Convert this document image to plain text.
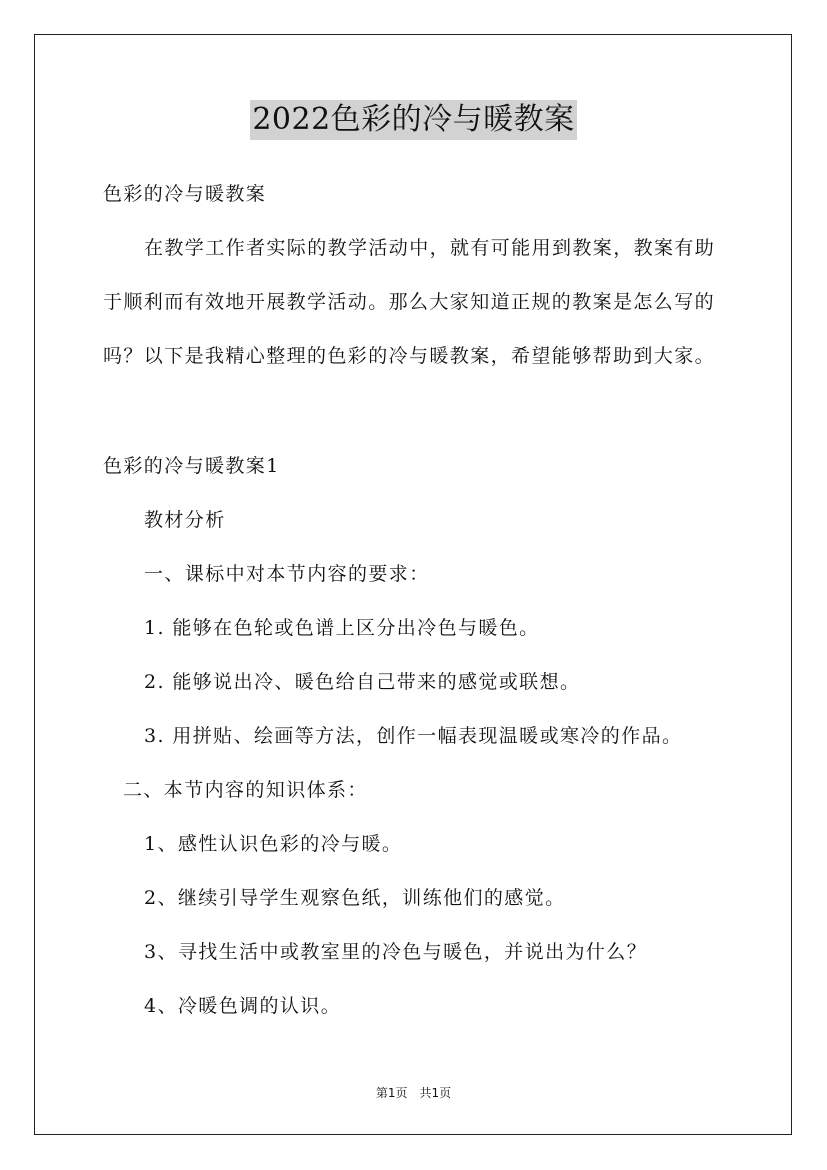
2022色彩的冷与暖教案
色彩的冷与暖教案
在教学工作者实际的教学活动中，就有可能用到教案，教案有助
于顺利而有效地开展教学活动。那么大家知道正规的教案是怎么写的
吗？以下是我精心整理的色彩的冷与暖教案，希望能够帮助到大家。
色彩的冷与暖教案1
教材分析
一、课标中对本节内容的要求：
1. 能够在色轮或色谱上区分出冷色与暖色。
2. 能够说出冷、暖色给自己带来的感觉或联想。
3. 用拼贴、绘画等方法，创作一幅表现温暖或寒冷的作品。
二、本节内容的知识体系：
1、感性认识色彩的冷与暖。
2、继续引导学生观察色纸，训练他们的感觉。
3、寻找生活中或教室里的冷色与暖色，并说出为什么？
4、冷暖色调的认识。
第1页　共1页
